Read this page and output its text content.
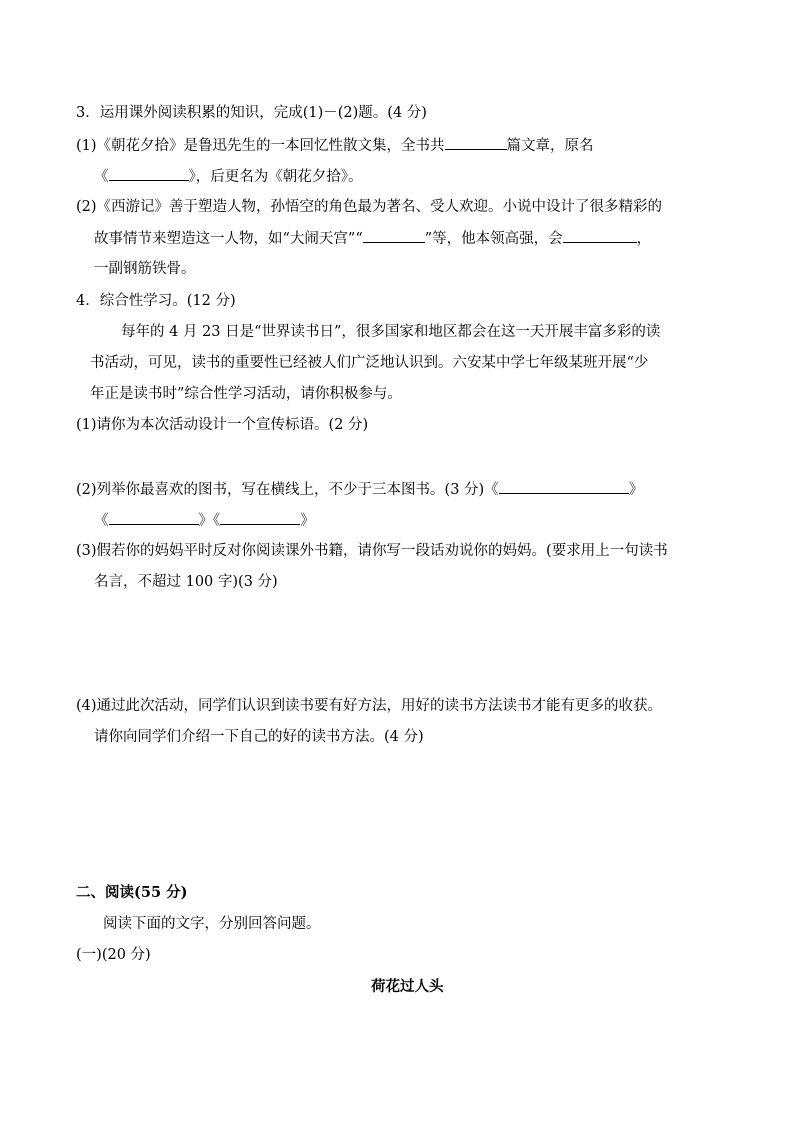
3．运用课外阅读积累的知识，完成(1)－(2)题。(4 分)
(1)《朝花夕拾》是鲁迅先生的一本回忆性散文集，全书共	篇文章，原名
《	》，后更名为《朝花夕拾》。
(2)《西游记》善于塑造人物，孙悟空的角色最为著名、受人欢迎。小说中设计了很多精彩的
故事情节来塑造这一人物，如“大闹天宫”“	”等，他本领高强，会	，
一副钢筋铁骨。
4．综合性学习。(12 分)
每年的 4 月 23 日是“世界读书日”，很多国家和地区都会在这一天开展丰富多彩的读
书活动，可见，读书的重要性已经被人们广泛地认识到。六安某中学七年级某班开展“少
年正是读书时”综合性学习活动，请你积极参与。
(1)请你为本次活动设计一个宣传标语。(2 分)
(2)列举你最喜欢的图书，写在横线上，不少于三本图书。(3 分)《	》
《	》《	》
(3)假若你的妈妈平时反对你阅读课外书籍，请你写一段话劝说你的妈妈。(要求用上一句读书
名言，不超过 100 字)(3 分)
(4)通过此次活动，同学们认识到读书要有好方法，用好的读书方法读书才能有更多的收获。
请你向同学们介绍一下自己的好的读书方法。(4 分)
二、阅读(55 分)
阅读下面的文字，分别回答问题。
(一)(20 分)
荷花过人头
